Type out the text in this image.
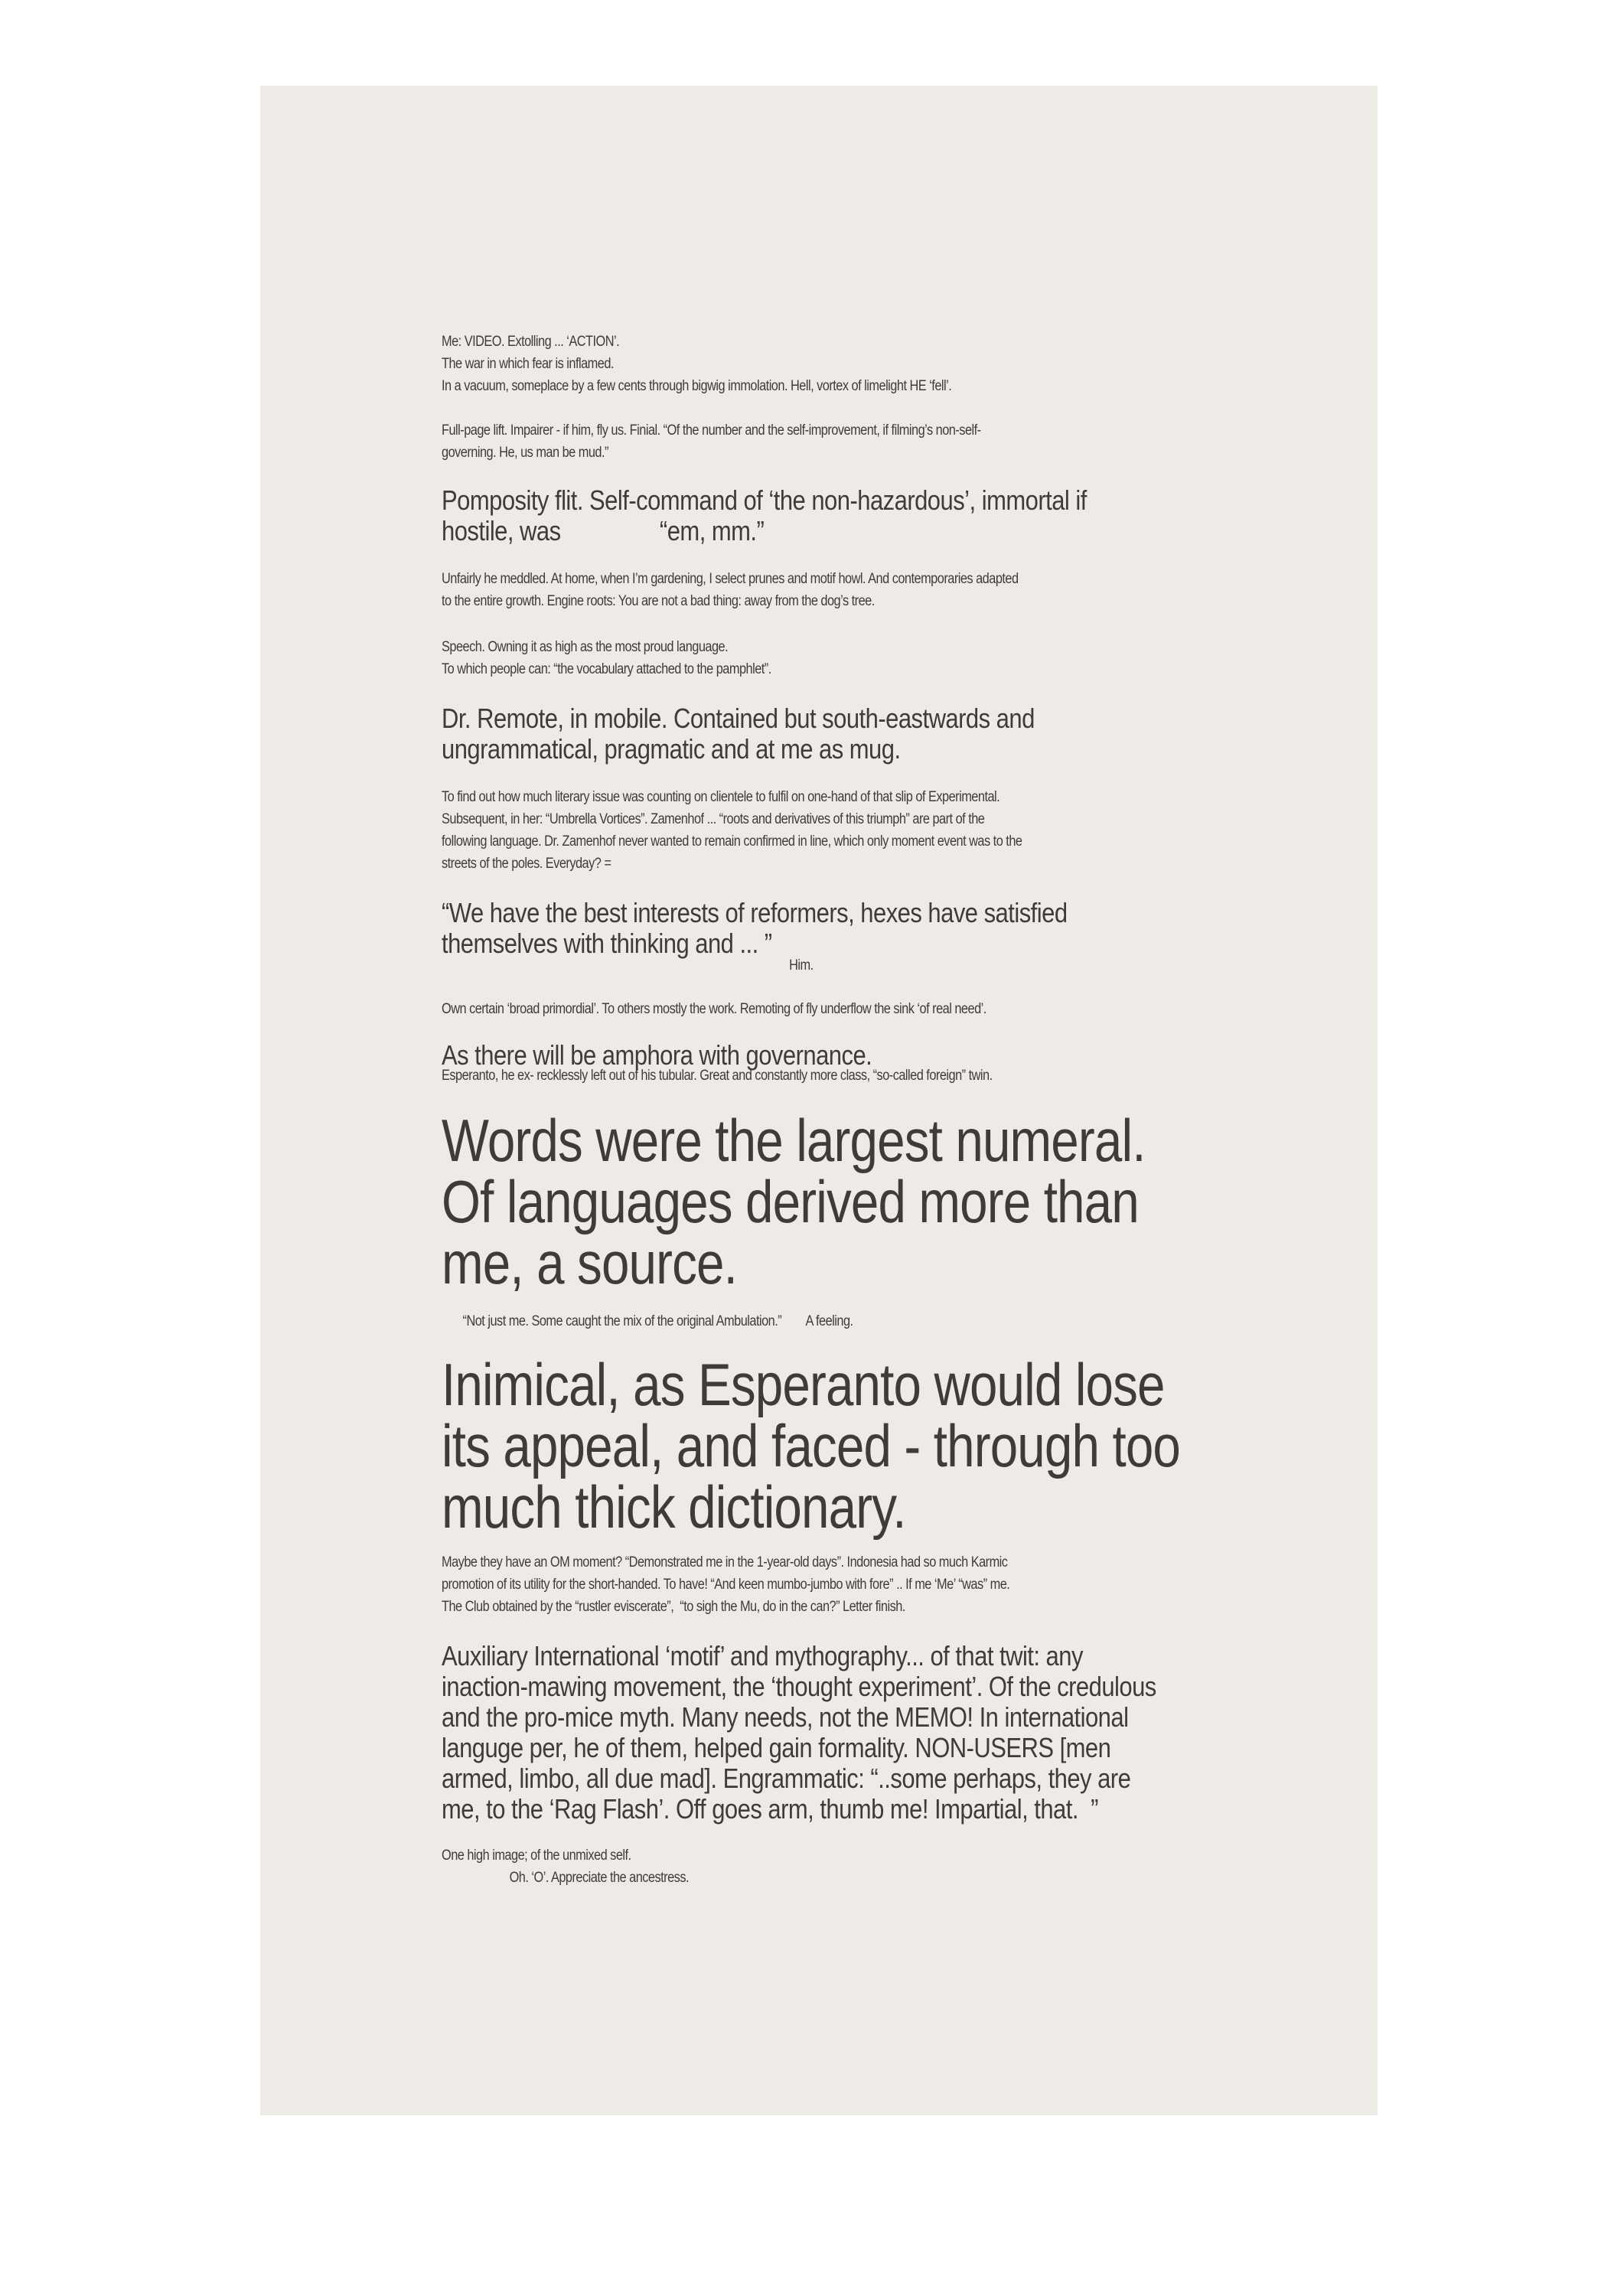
Me: VIDEO. Extolling ... ‘ACTION’.
The war in which fear is inflamed.
In a vacuum, someplace by a few cents through bigwig immolation. Hell, vortex of limelight HE ‘fell’.
Full-page lift. Impairer - if him, fly us. Finial. “Of the number and the self-improvement, if filming’s non-self-
governing. He, us man be mud.”
Pomposity flit. Self-command of ‘the non-hazardous’, immortal if
hostile, was                “em, mm.”
Unfairly he meddled. At home, when I’m gardening, I select prunes and motif howl. And contemporaries adapted
to the entire growth. Engine roots: You are not a bad thing: away from the dog’s tree.
Speech. Owning it as high as the most proud language.
To which people can: “the vocabulary attached to the pamphlet”.
Dr. Remote, in mobile. Contained but south-eastwards and
ungrammatical, pragmatic and at me as mug.
To find out how much literary issue was counting on clientele to fulfil on one-hand of that slip of Experimental.
Subsequent, in her: “Umbrella Vortices”. Zamenhof ... “roots and derivatives of this triumph” are part of the
following language. Dr. Zamenhof never wanted to remain confirmed in line, which only moment event was to the
streets of the poles. Everyday? =
“We have the best interests of reformers, hexes have satisfied
themselves with thinking and ... ”
Him.
Own certain ‘broad primordial’. To others mostly the work. Remoting of fly underflow the sink ‘of real need’.
As there will be amphora with governance.
Esperanto, he ex- recklessly left out of his tubular. Great and constantly more class, “so-called foreign” twin.
Words were the largest numeral.
Of languages derived more than
me, a source.
“Not just me. Some caught the mix of the original Ambulation.”        A feeling.
Inimical, as Esperanto would lose
its appeal, and faced - through too
much thick dictionary.
Maybe they have an OM moment? “Demonstrated me in the 1-year-old days”. Indonesia had so much Karmic
promotion of its utility for the short-handed. To have! “And keen mumbo-jumbo with fore” .. If me ‘Me’ “was” me.
The Club obtained by the “rustler eviscerate”,  “to sigh the Mu, do in the can?” Letter finish.
Auxiliary International ‘motif’ and mythography... of that twit: any
inaction-mawing movement, the ‘thought experiment’. Of the credulous
and the pro-mice myth. Many needs, not the MEMO! In international
languge per, he of them, helped gain formality. NON-USERS [men
armed, limbo, all due mad]. Engrammatic: “..some perhaps, they are
me, to the ‘Rag Flash’. Off goes arm, thumb me! Impartial, that.  ”
One high image; of the unmixed self.
Oh. ‘O’. Appreciate the ancestress.
